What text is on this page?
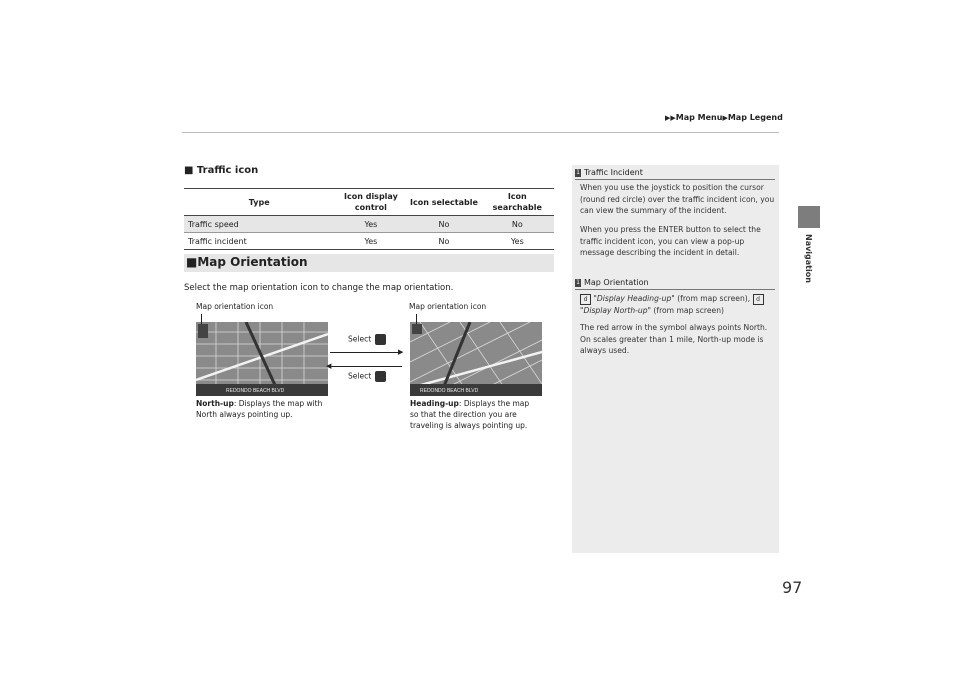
▶▶Map Menu▶Map Legend
Navigation
97
■ Traffic icon
Type	Icon display control	Icon selectable	Icon searchable
Traffic speed	Yes	No	No
Traffic incident	Yes	No	Yes
■Map Orientation
Select the map orientation icon to change the map orientation.
Map orientation icon	Map orientation icon
REDONDO BEACH BLVD	REDONDO BEACH BLVD
Select
▶
◀
Select
North-up: Displays the map with
North always pointing up.
Heading-up: Displays the map
so that the direction you are
traveling is always pointing up.
1 Traffic Incident
When you use the joystick to position the cursor (round red circle) over the traffic incident icon, you can view the summary of the incident.
When you press the ENTER button to select the traffic incident icon, you can view a pop-up message describing the incident in detail.
1 Map Orientation
d "Display Heading-up" (from map screen), d "Display North-up" (from map screen)
The red arrow in the symbol always points North. On scales greater than 1 mile, North-up mode is always used.
